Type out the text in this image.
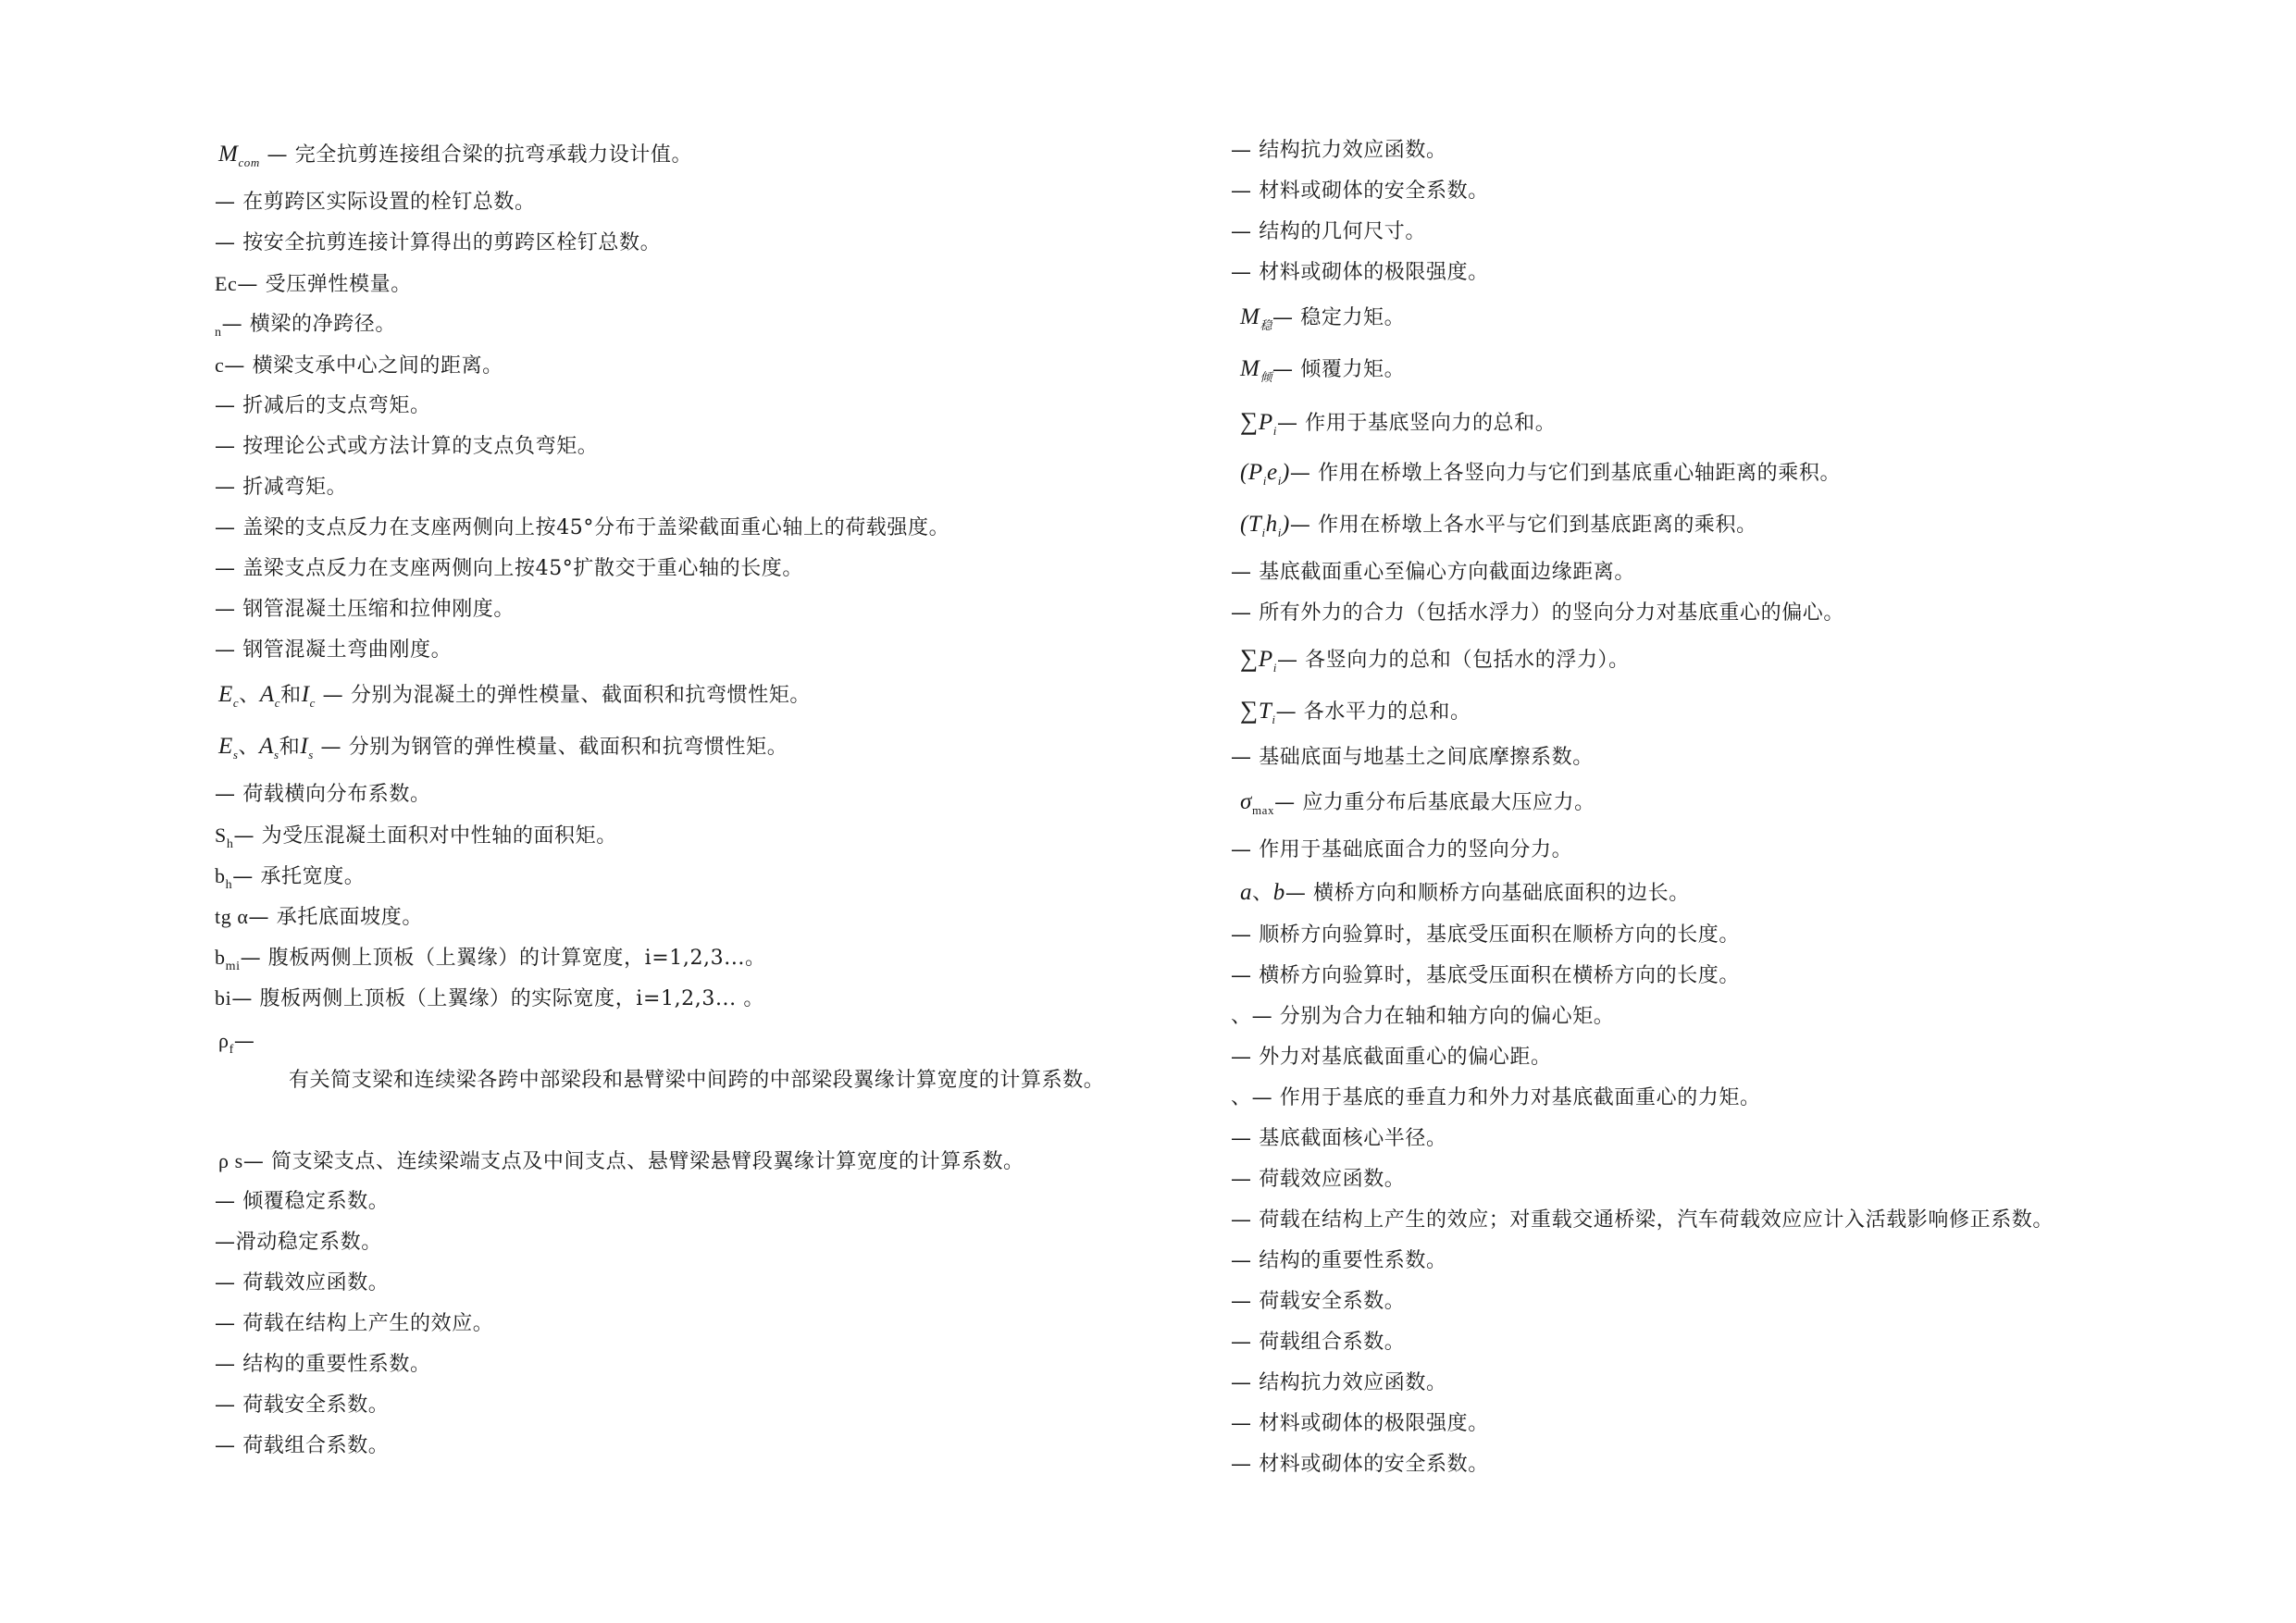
$M_{com}$ — 完全抗剪连接组合梁的抗弯承载力设计值。
— 在剪跨区实际设置的栓钉总数。
— 按安全抗剪连接计算得出的剪跨区栓钉总数。
Ec— 受压弹性模量。
$_n$— 横梁的净跨径。
c— 横梁支承中心之间的距离。
— 折减后的支点弯矩。
— 按理论公式或方法计算的支点负弯矩。
— 折减弯矩。
— 盖梁的支点反力在支座两侧向上按45°分布于盖梁截面重心轴上的荷载强度。
— 盖梁支点反力在支座两侧向上按45°扩散交于重心轴的长度。
— 钢管混凝土压缩和拉伸刚度。
— 钢管混凝土弯曲刚度。
$E_c$、$A_c$和$I_c$ — 分别为混凝土的弹性模量、截面积和抗弯惯性矩。
$E_s$、$A_s$和$I_s$ — 分别为钢管的弹性模量、截面积和抗弯惯性矩。
— 荷载横向分布系数。
$S_h—$ 为受压混凝土面积对中性轴的面积矩。
$b_h—$ 承托宽度。
tg α— 承托底面坡度。
$b_{mi}—$ 腹板两侧上顶板（上翼缘）的计算宽度，i=1,2,3...。
bi— 腹板两侧上顶板（上翼缘）的实际宽度，i=1,2,3... 。
$\rho_f—$
有关简支梁和连续梁各跨中部梁段和悬臂梁中间跨的中部梁段翼缘计算宽度的计算系数。
ρ s— 简支梁支点、连续梁端支点及中间支点、悬臂梁悬臂段翼缘计算宽度的计算系数。
— 倾覆稳定系数。
—滑动稳定系数。
— 荷载效应函数。
— 荷载在结构上产生的效应。
— 结构的重要性系数。
— 荷载安全系数。
— 荷载组合系数。
— 结构抗力效应函数。
— 材料或砌体的安全系数。
— 结构的几何尺寸。
— 材料或砌体的极限强度。
$M_稳—$ 稳定力矩。
$M_倾—$ 倾覆力矩。
$\sum P_i—$ 作用于基底竖向力的总和。
$(P_ie_i)—$ 作用在桥墩上各竖向力与它们到基底重心轴距离的乘积。
$(T_ih_i)—$ 作用在桥墩上各水平与它们到基底距离的乘积。
— 基底截面重心至偏心方向截面边缘距离。
— 所有外力的合力（包括水浮力）的竖向分力对基底重心的偏心。
$\sum P_i—$ 各竖向力的总和（包括水的浮力）。
$\sum T_i—$ 各水平力的总和。
— 基础底面与地基土之间底摩擦系数。
$\sigma_{max}—$ 应力重分布后基底最大压应力。
— 作用于基础底面合力的竖向分力。
a、b— 横桥方向和顺桥方向基础底面积的边长。
— 顺桥方向验算时，基底受压面积在顺桥方向的长度。
— 横桥方向验算时，基底受压面积在横桥方向的长度。
、— 分别为合力在轴和轴方向的偏心矩。
— 外力对基底截面重心的偏心距。
、— 作用于基底的垂直力和外力对基底截面重心的力矩。
— 基底截面核心半径。
— 荷载效应函数。
— 荷载在结构上产生的效应；对重载交通桥梁，汽车荷载效应应计入活载影响修正系数。
— 结构的重要性系数。
— 荷载安全系数。
— 荷载组合系数。
— 结构抗力效应函数。
— 材料或砌体的极限强度。
— 材料或砌体的安全系数。
